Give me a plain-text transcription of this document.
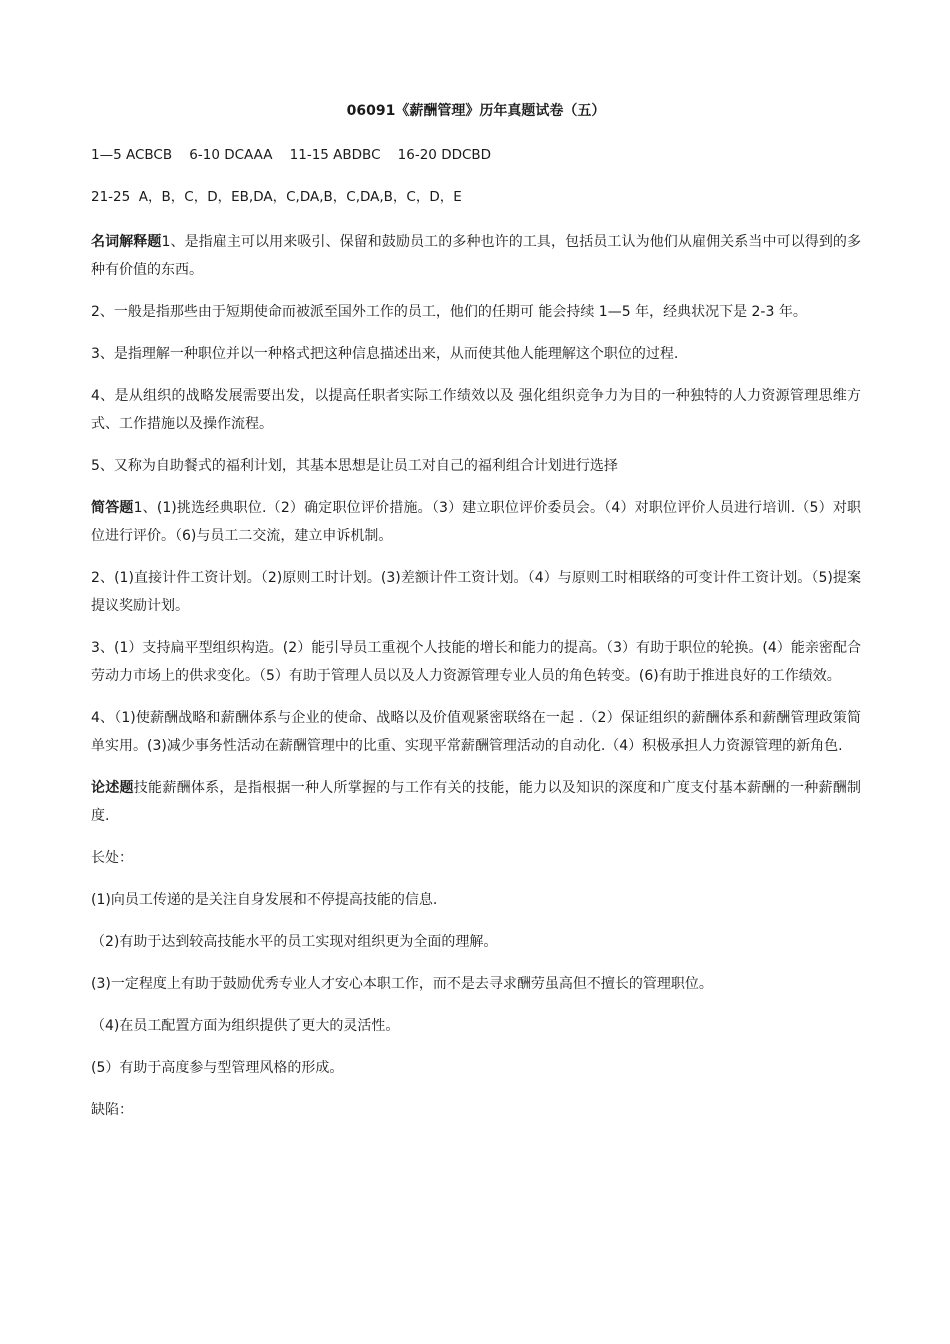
06091《薪酬管理》历年真题试卷（五）
1—5 ACBCB    6-10 DCAAA    11-15 ABDBC    16-20 DDCBD
21-25  A，B，C，D，EB,DA，C,DA,B，C,DA,B，C，D，E
名词解释题1、是指雇主可以用来吸引、保留和鼓励员工的多种也许的工具，包括员工认为他们从雇佣关系当中可以得到的多种有价值的东西。
2、一般是指那些由于短期使命而被派至国外工作的员工，他们的任期可 能会持续 1—5 年，经典状况下是 2-3 年。
3、是指理解一种职位并以一种格式把这种信息描述出来，从而使其他人能理解这个职位的过程.
4、是从组织的战略发展需要出发，以提高任职者实际工作绩效以及 强化组织竞争力为目的一种独特的人力资源管理思维方式、工作措施以及操作流程。
5、又称为自助餐式的福利计划，其基本思想是让员工对自己的福利组合计划进行选择
简答题1、(1)挑选经典职位.（2）确定职位评价措施。（3）建立职位评价委员会。（4）对职位评价人员进行培训.（5）对职位进行评价。（6)与员工二交流，建立申诉机制。
2、(1)直接计件工资计划。（2)原则工时计划。(3)差额计件工资计划。（4）与原则工时相联络的可变计件工资计划。（5)提案提议奖励计划。
3、(1）支持扁平型组织构造。(2）能引导员工重视个人技能的增长和能力的提高。（3）有助于职位的轮换。(4）能亲密配合劳动力市场上的供求变化。（5）有助于管理人员以及人力资源管理专业人员的角色转变。(6)有助于推进良好的工作绩效。
4、（1)使薪酬战略和薪酬体系与企业的使命、战略以及价值观紧密联络在一起 .（2）保证组织的薪酬体系和薪酬管理政策简单实用。(3)减少事务性活动在薪酬管理中的比重、实现平常薪酬管理活动的自动化.（4）积极承担人力资源管理的新角色.
论述题技能薪酬体系，是指根据一种人所掌握的与工作有关的技能，能力以及知识的深度和广度支付基本薪酬的一种薪酬制度.
长处：
(1)向员工传递的是关注自身发展和不停提高技能的信息.
（2)有助于达到较高技能水平的员工实现对组织更为全面的理解。
(3)一定程度上有助于鼓励优秀专业人才安心本职工作，而不是去寻求酬劳虽高但不擅长的管理职位。
（4)在员工配置方面为组织提供了更大的灵活性。
(5）有助于高度参与型管理风格的形成。
缺陷：
